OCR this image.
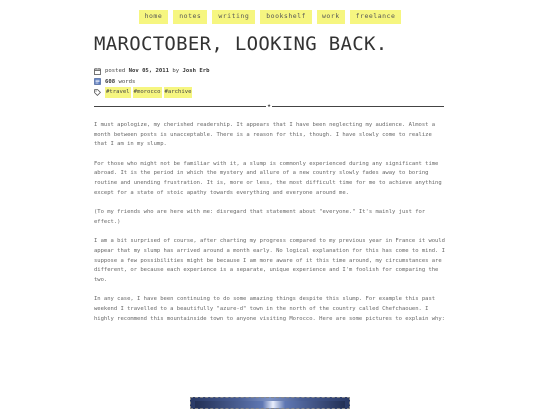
home	notes	writing	bookshelf	work	freelance
MAROCTOBER, LOOKING BACK.
posted
Nov 05, 2011
by
Josh Erb
608
words
#travel #morocco #archive
★

I must apologize, my cherished readership. It appears that I have been neglecting my audience. Almost a month between posts is unacceptable. There is a reason for this, though. I have slowly come to realize that I am in my slump.

For those who might not be familiar with it, a slump is commonly experienced during any significant time abroad. It is the period in which the mystery and allure of a new country slowly fades away to boring routine and unending frustration. It is, more or less, the most difficult time for me to achieve anything except for a state of stoic apathy towards everything and everyone around me.

(To my friends who are here with me: disregard that statement about "everyone." It's mainly just for effect.)

I am a bit surprised of course, after charting my progress compared to my previous year in France it would appear that my slump has arrived around a month early. No logical explanation for this has come to mind. I suppose a few possibilities might be because I am more aware of it this time around, my circumstances are different, or because each experience is a separate, unique experience and I'm foolish for comparing the two.

In any case, I have been continuing to do some amazing things despite this slump. For example this past weekend I travelled to a beautifully "azure-d" town in the north of the country called Chefchaouen. I highly recommend this mountainside town to anyone visiting Morocco. Here are some pictures to explain why:
